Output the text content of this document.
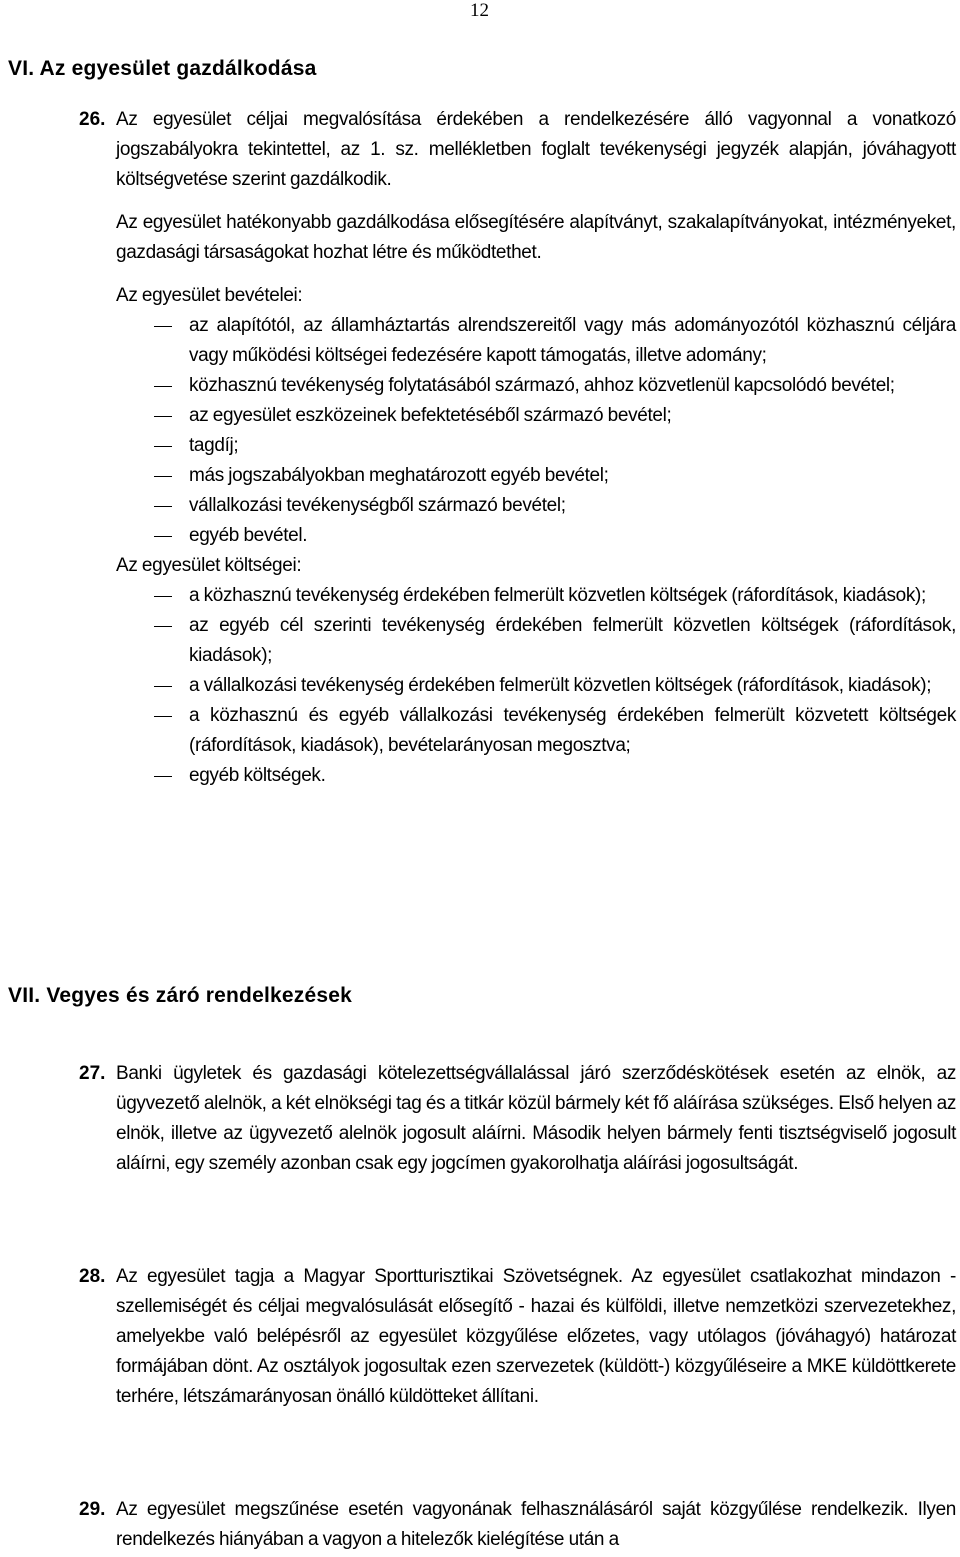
12
VI. Az egyesület gazdálkodása
26. Az egyesület céljai megvalósítása érdekében a rendelkezésére álló vagyonnal a vonatkozó jogszabályokra tekintettel, az 1. sz. mellékletben foglalt tevékenységi jegyzék alapján, jóváhagyott költségvetése szerint gazdálkodik.

Az egyesület hatékonyabb gazdálkodása elősegítésére alapítványt, szakalapítványokat, intézményeket, gazdasági társaságokat hozhat létre és működtethet.

Az egyesület bevételei:

az alapítótól, az államháztartás alrendszereitől vagy más adományozótól közhasznú céljára vagy működési költségei fedezésére kapott támogatás, illetve adomány;
közhasznú tevékenység folytatásából származó, ahhoz közvetlenül kapcsolódó bevétel;
az egyesület eszközeinek befektetéséből származó bevétel;
tagdíj;
más jogszabályokban meghatározott egyéb bevétel;
vállalkozási tevékenységből származó bevétel;
egyéb bevétel.

Az egyesület költségei:

a közhasznú tevékenység érdekében felmerült közvetlen költségek (ráfordítások, kiadások);
az egyéb cél szerinti tevékenység érdekében felmerült közvetlen költségek (ráfordítások, kiadások);
a vállalkozási tevékenység érdekében felmerült közvetlen költségek (ráfordítások, kiadások);
a közhasznú és egyéb vállalkozási tevékenység érdekében felmerült közvetett költségek (ráfordítások, kiadások), bevételarányosan megosztva;
egyéb költségek.
VII. Vegyes és záró rendelkezések
27. Banki ügyletek és gazdasági kötelezettségvállalással járó szerződéskötések esetén az elnök, az ügyvezető alelnök, a két elnökségi tag és a titkár közül bármely két fő aláírása szükséges. Első helyen az elnök, illetve az ügyvezető alelnök jogosult aláírni. Második helyen bármely fenti tisztségviselő jogosult aláírni, egy személy azonban csak egy jogcímen gyakorolhatja aláírási jogosultságát.
28. Az egyesület tagja a Magyar Sportturisztikai Szövetségnek. Az egyesület csatlakozhat mindazon - szellemiségét és céljai megvalósulását elősegítő - hazai és külföldi, illetve nemzetközi szervezetekhez, amelyekbe való belépésről az egyesület közgyűlése előzetes, vagy utólagos (jóváhagyó) határozat formájában dönt. Az osztályok jogosultak ezen szervezetek (küldött-) közgyűléseire a MKE küldöttkerete terhére, létszámarányosan önálló küldötteket állítani.
29. Az egyesület megszűnése esetén vagyonának felhasználásáról saját közgyűlése rendelkezik. Ilyen rendelkezés hiányában a vagyon a hitelezők kielégítése után a
